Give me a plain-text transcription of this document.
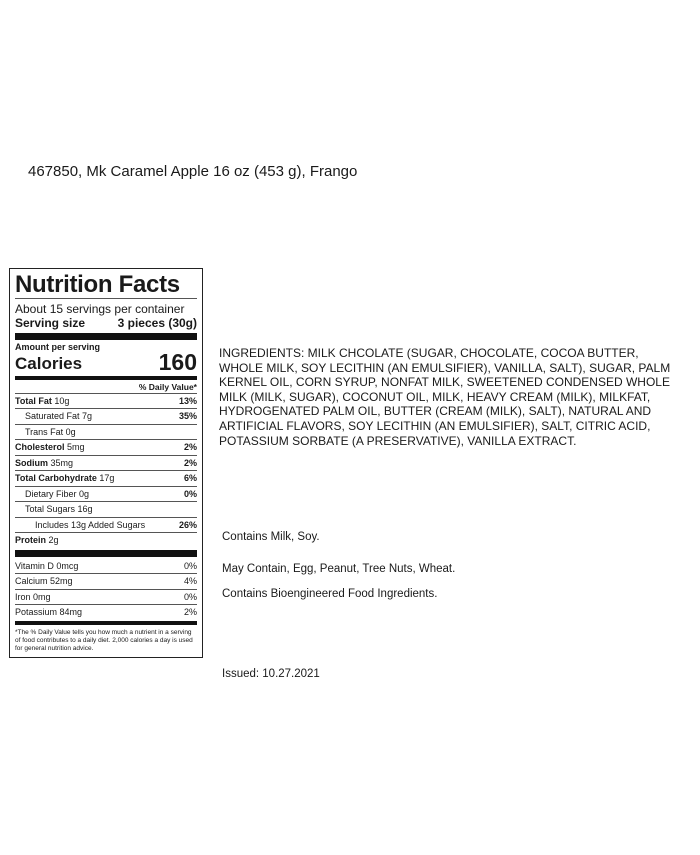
467850, Mk Caramel Apple 16 oz (453 g), Frango
Nutrition Facts
About 15 servings per container
Serving size	3 pieces (30g)
Amount per serving
Calories	160
% Daily Value*
Total Fat 10g	13%
Saturated Fat 7g	35%
Trans Fat 0g
Cholesterol 5mg	2%
Sodium 35mg	2%
Total Carbohydrate 17g	6%
Dietary Fiber 0g	0%
Total Sugars 16g
Includes 13g Added Sugars	26%
Protein 2g
Vitamin D 0mcg	0%
Calcium 52mg	4%
Iron 0mg	0%
Potassium 84mg	2%
*The % Daily Value tells you how much a nutrient in a serving of food contributes to a daily diet. 2,000 calories a day is used for general nutrition advice.
INGREDIENTS: MILK CHCOLATE (SUGAR, CHOCOLATE, COCOA BUTTER, WHOLE MILK, SOY LECITHIN (AN EMULSIFIER), VANILLA, SALT), SUGAR, PALM KERNEL OIL, CORN SYRUP, NONFAT MILK, SWEETENED CONDENSED WHOLE MILK (MILK, SUGAR), COCONUT OIL, MILK, HEAVY CREAM (MILK), MILKFAT, HYDROGENATED PALM OIL, BUTTER (CREAM (MILK), SALT), NATURAL AND ARTIFICIAL FLAVORS, SOY LECITHIN (AN EMULSIFIER), SALT, CITRIC ACID, POTASSIUM SORBATE (A PRESERVATIVE), VANILLA EXTRACT.
Contains Milk, Soy.
May Contain, Egg, Peanut, Tree Nuts, Wheat.
Contains Bioengineered Food Ingredients.
Issued: 10.27.2021
